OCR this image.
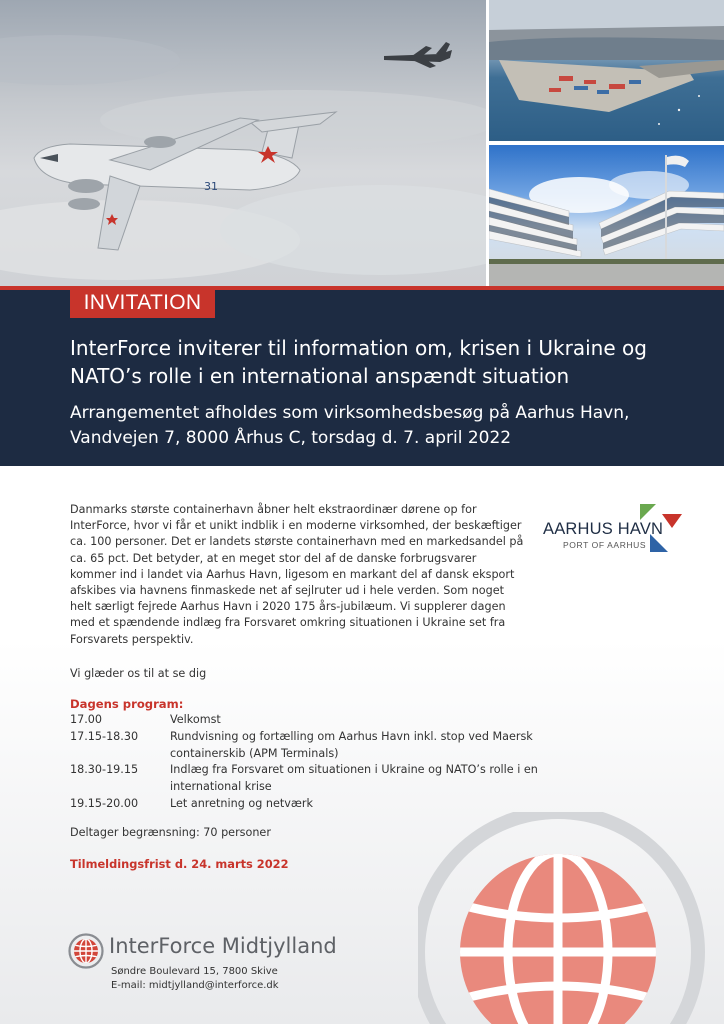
31
INVITATION
InterForce inviterer til information om, krisen i Ukraine og NATO’s rolle i en international anspændt situation
Arrangementet afholdes som virksomhedsbesøg på Aarhus Havn, Vandvejen 7, 8000 Århus C, torsdag d. 7. april 2022
AARHUS HAVN
PORT OF AARHUS
Danmarks største containerhavn åbner helt ekstraordinær dørene op for InterForce, hvor vi får et unikt indblik i en moderne virksomhed, der beskæftiger ca. 100 personer. Det er landets største containerhavn med en markedsandel på ca. 65 pct. Det betyder, at en meget stor del af de danske forbrugsvarer kommer ind i landet via Aarhus Havn, ligesom en markant del af dansk eksport afskibes via havnens finmaskede net af sejlruter ud i hele verden. Som noget helt særligt fejrede Aarhus Havn i 2020 175 års-jubilæum. Vi supplerer dagen med et spændende indlæg fra Forsvaret omkring situationen i Ukraine set fra Forsvarets perspektiv.
Vi glæder os til at se dig
Dagens program:
17.00	Velkomst
17.15-18.30	Rundvisning og fortælling om Aarhus Havn inkl. stop ved Maersk containerskib (APM Terminals)
18.30-19.15	Indlæg fra Forsvaret om situationen i Ukraine og NATO’s rolle i en international krise
19.15-20.00	Let anretning og netværk
Deltager begrænsning: 70 personer
Tilmeldingsfrist d. 24. marts 2022
InterForce Midtjylland
Søndre Boulevard 15, 7800 Skive
E-mail: midtjylland@interforce.dk
